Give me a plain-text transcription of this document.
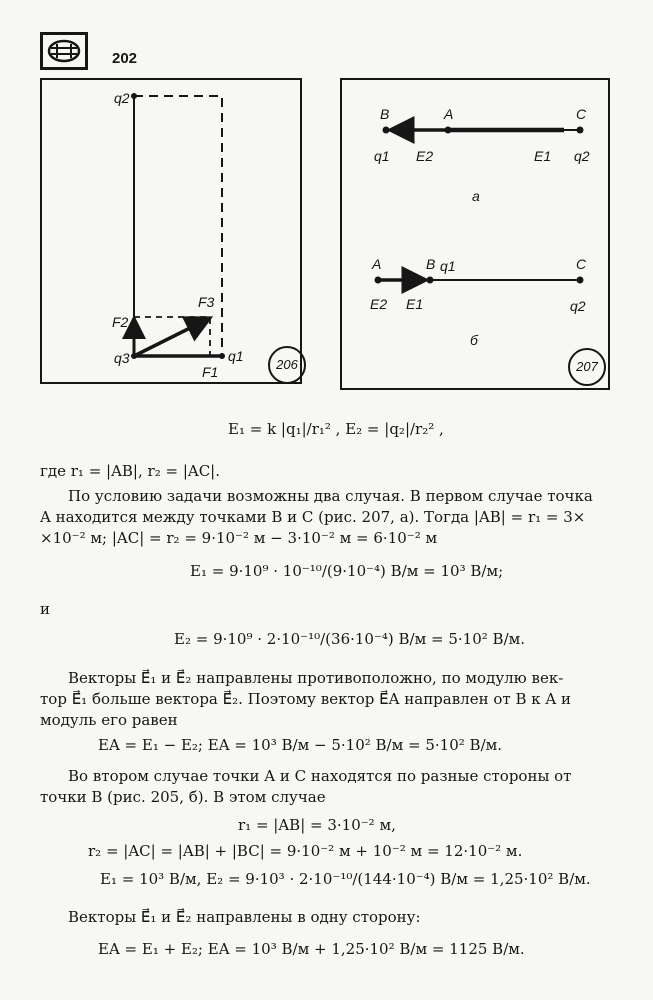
202
q2
q3	q1
F1
F2
F3
206
B	A	C
q1 E2	E1 q2
а
A	B q1	C
E2 E1	q2
б
207
E₁ = k |q₁|/r₁² , E₂ = |q₂|/r₂² ,
где r₁ = |AB|, r₂ = |AC|.
По условию задачи возможны два случая. В первом случае точка
A находится между точками B и C (рис. 207, а). Тогда |AB| = r₁ = 3×
×10⁻² м; |AC| = r₂ = 9·10⁻² м − 3·10⁻² м = 6·10⁻² м
E₁ = 9·10⁹ · 10⁻¹⁰/(9·10⁻⁴) В/м = 10³ В/м;
и
E₂ = 9·10⁹ · 2·10⁻¹⁰/(36·10⁻⁴) В/м = 5·10² В/м.
Векторы E⃗₁ и E⃗₂ направлены противоположно, по модулю век-
тор E⃗₁ больше вектора E⃗₂. Поэтому вектор E⃗A направлен от B к A и
модуль его равен
EA = E₁ − E₂; EA = 10³ В/м − 5·10² В/м = 5·10² В/м.
Во втором случае точки A и C находятся по разные стороны от
точки B (рис. 205, б). В этом случае
r₁ = |AB| = 3·10⁻² м,
r₂ = |AC| = |AB| + |BC| = 9·10⁻² м + 10⁻² м = 12·10⁻² м.
E₁ = 10³ В/м, E₂ = 9·10³ · 2·10⁻¹⁰/(144·10⁻⁴) В/м = 1,25·10² В/м.
Векторы E⃗₁ и E⃗₂ направлены в одну сторону:
EA = E₁ + E₂; EA = 10³ В/м + 1,25·10² В/м = 1125 В/м.
